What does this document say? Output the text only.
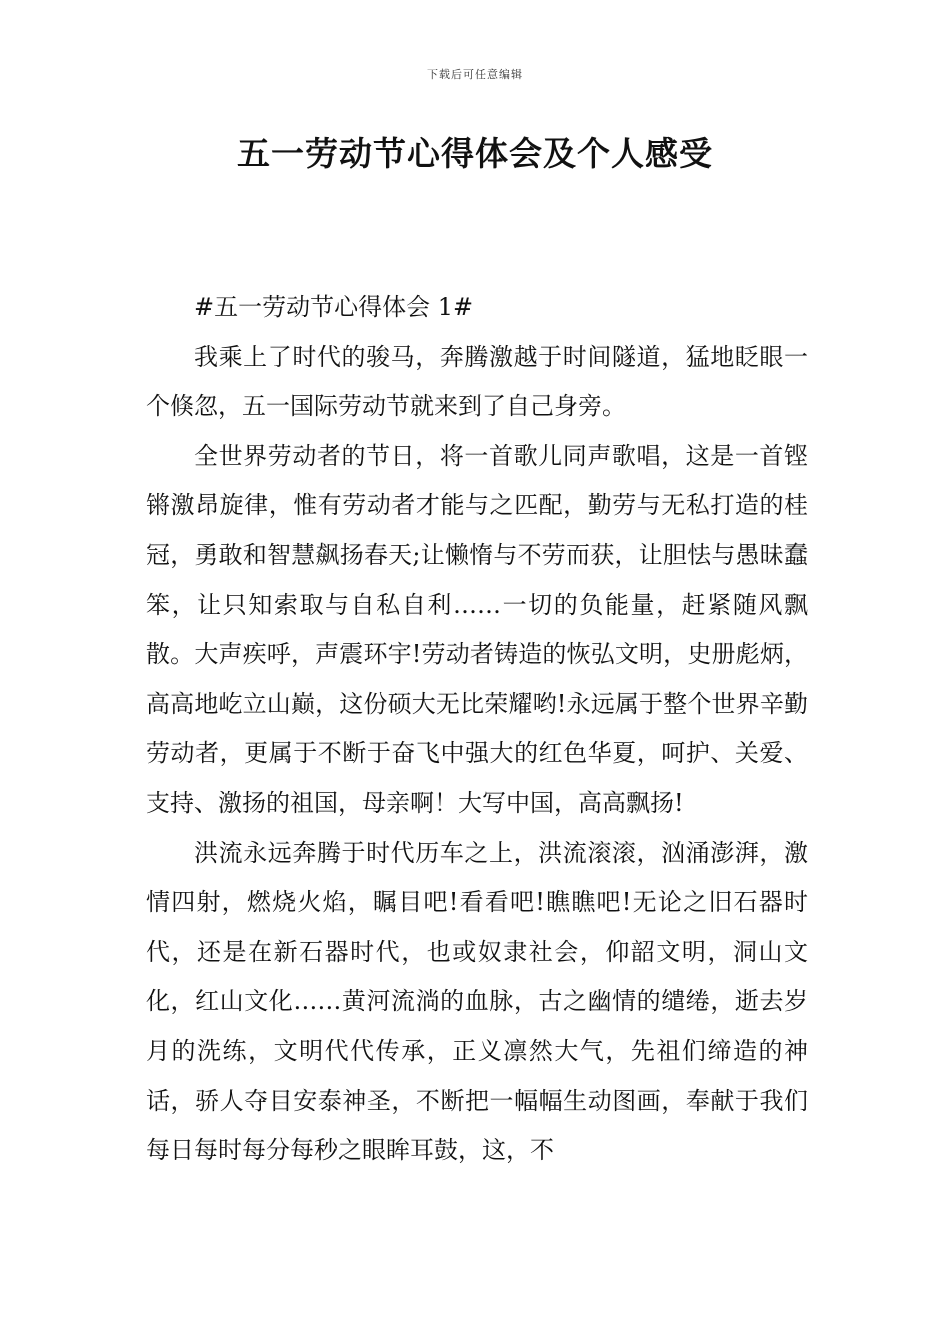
下载后可任意编辑
五一劳动节心得体会及个人感受

#五一劳动节心得体会 1#

我乘上了时代的骏马，奔腾激越于时间隧道，猛地眨眼一个倏忽，五一国际劳动节就来到了自己身旁。

全世界劳动者的节日，将一首歌儿同声歌唱，这是一首铿锵激昂旋律，惟有劳动者才能与之匹配，勤劳与无私打造的桂冠，勇敢和智慧飙扬春天;让懒惰与不劳而获，让胆怯与愚昧蠢笨，让只知索取与自私自利……一切的负能量，赶紧随风飘散。大声疾呼，声震环宇!劳动者铸造的恢弘文明，史册彪炳，高高地屹立山巅，这份硕大无比荣耀哟!永远属于整个世界辛勤劳动者，更属于不断于奋飞中强大的红色华夏，呵护、关爱、支持、激扬的祖国，母亲啊！大写中国，高高飘扬!

洪流永远奔腾于时代历车之上，洪流滚滚，汹涌澎湃，激情四射，燃烧火焰，瞩目吧!看看吧!瞧瞧吧!无论之旧石器时代，还是在新石器时代，也或奴隶社会，仰韶文明，洞山文化，红山文化……黄河流淌的血脉，古之幽情的缱绻，逝去岁月的洗练，文明代代传承，正义凛然大气，先祖们缔造的神话，骄人夺目安泰神圣，不断把一幅幅生动图画，奉献于我们每日每时每分每秒之眼眸耳鼓，这，不
